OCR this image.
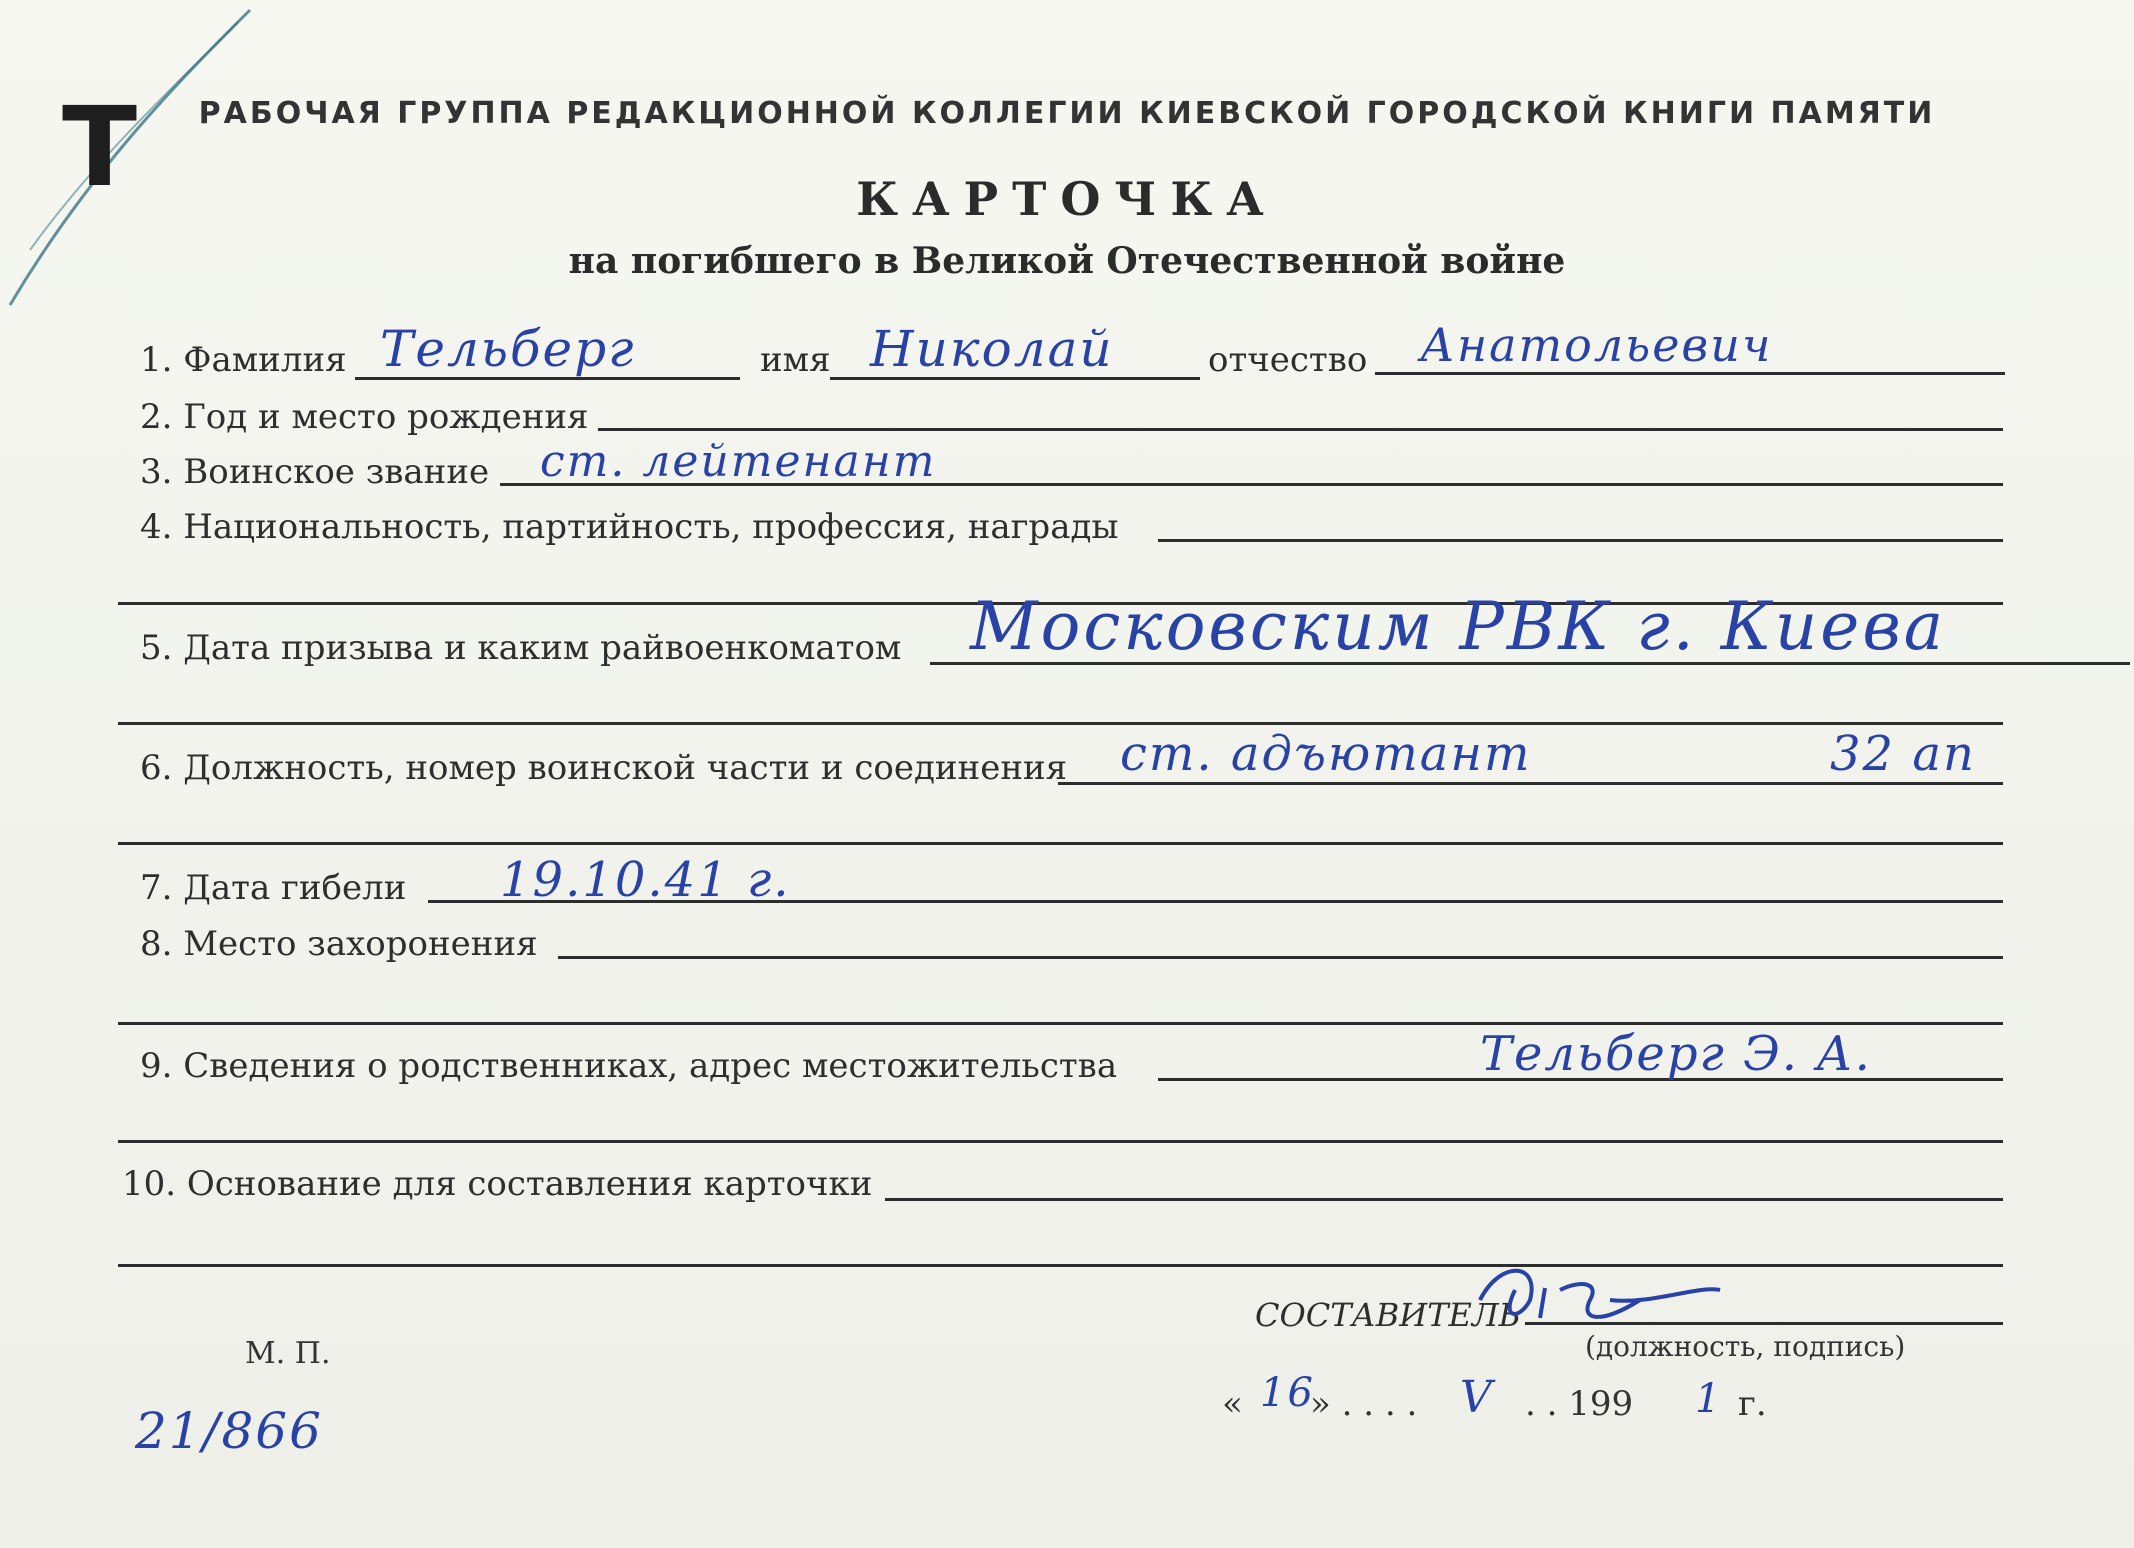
Т	РАБОЧАЯ ГРУППА РЕДАКЦИОННОЙ КОЛЛЕГИИ КИЕВСКОЙ ГОРОДСКОЙ КНИГИ ПАМЯТИ
КАРТОЧКА
на погибшего в Великой Отечественной войне
1. Фамилия Тельберг	имя Николай	отчество Анатольевич
2. Год и место рождения
3. Воинское звание ст. лейтенант
4. Национальность, партийность, профессия, награды
5. Дата призыва и каким райвоенкоматом Московским РВК г. Киева
6. Должность, номер воинской части и соединения ст. адъютант	32 ап
7. Дата гибели 19.10.41 г.
8. Место захоронения
9. Сведения о родственниках, адрес местожительства	Тельберг Э. А.
10. Основание для составления карточки
СОСТАВИТЕЛЬ
(должность, подпись)
М. П.
« 16
» . . . . V . . 199 1 г.
21/866
